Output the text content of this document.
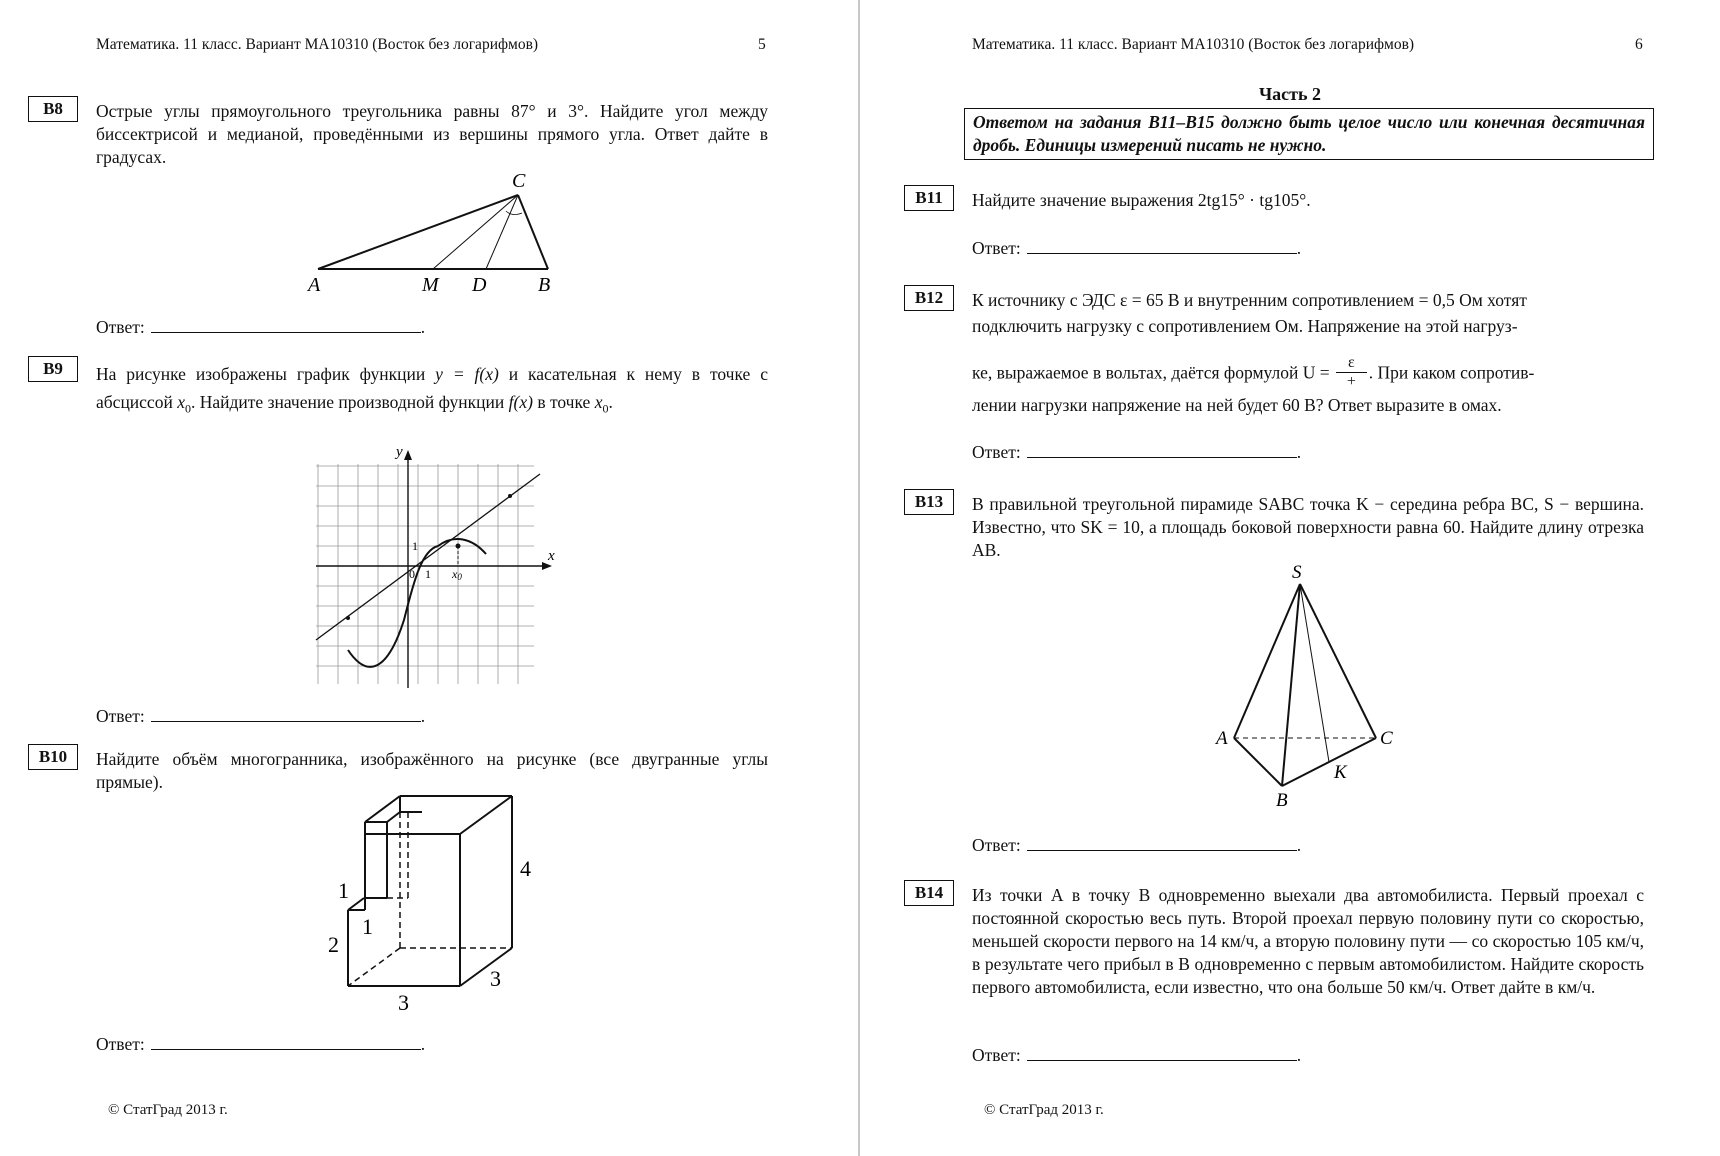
Математика. 11 класс. Вариант МА10310 (Восток без логарифмов)	5
B8	Острые углы прямоугольного треугольника равны 87° и 3°. Найдите угол между биссектрисой и медианой, проведёнными из вершины прямого угла. Ответ дайте в градусах.
C
A	M D	B
Ответ:	.
B9	На рисунке изображены график функции y = f(x) и касательная к нему в точке с абсциссой $x_0$. Найдите значение производной функции f(x) в точке $x_0$.
y
x
0 1
1
x0
Ответ:	.
B10	Найдите объём многогранника, изображённого на рисунке (все двугранные углы прямые).
1
1
2
3
3
4
Ответ:	.
© СтатГрад 2013 г.
Математика. 11 класс. Вариант МА10310 (Восток без логарифмов)	6
Часть 2
Ответом на задания B11–B15 должно быть целое число или конечная десятичная дробь. Единицы измерений писать не нужно.
B11	Найдите значение выражения 2tg15° · tg105°.
Ответ:	.
B12	К источнику с ЭДС ε = 65 В и внутренним сопротивлением = 0,5 Ом хотят
подключить нагрузку с сопротивлением Ом. Напряжение на этой нагруз-
ке, выражаемое в вольтах, даётся формулой U =
ε
+ . При каком сопротив-
лении нагрузки напряжение на ней будет 60 В? Ответ выразите в омах.
Ответ:	.
B13	В правильной треугольной пирамиде SABC точка K − середина ребра BC, S − вершина. Известно, что SK = 10, а площадь боковой поверхности равна 60. Найдите длину отрезка AB.
S
A	C
K
B
Ответ:	.
B14	Из точки А в точку В одновременно выехали два автомобилиста. Первый проехал с постоянной скоростью весь путь. Второй проехал первую половину пути со скоростью, меньшей скорости первого на 14 км/ч, а вторую половину пути — со скоростью 105 км/ч, в результате чего прибыл в В одновременно с первым автомобилистом. Найдите скорость первого автомобилиста, если известно, что она больше 50 км/ч. Ответ дайте в км/ч.
Ответ:	.
© СтатГрад 2013 г.
